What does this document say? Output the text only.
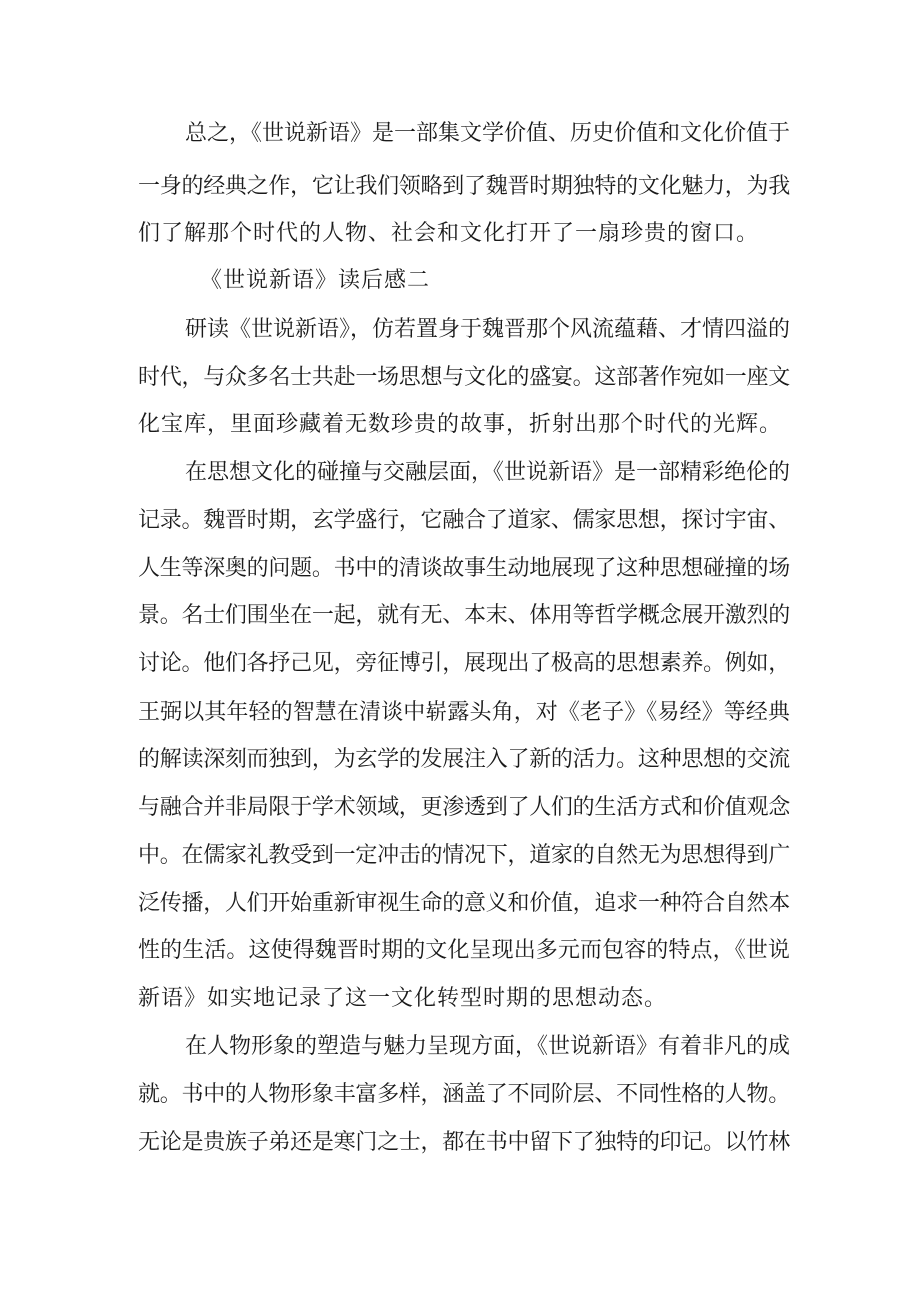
总之，《世说新语》是一部集文学价值、历史价值和文化价值于

一身的经典之作，它让我们领略到了魏晋时期独特的文化魅力，为我

们了解那个时代的人物、社会和文化打开了一扇珍贵的窗口。

《世说新语》读后感二

研读《世说新语》，仿若置身于魏晋那个风流蕴藉、才情四溢的

时代，与众多名士共赴一场思想与文化的盛宴。这部著作宛如一座文

化宝库，里面珍藏着无数珍贵的故事，折射出那个时代的光辉。

在思想文化的碰撞与交融层面，《世说新语》是一部精彩绝伦的

记录。魏晋时期，玄学盛行，它融合了道家、儒家思想，探讨宇宙、

人生等深奥的问题。书中的清谈故事生动地展现了这种思想碰撞的场

景。名士们围坐在一起，就有无、本末、体用等哲学概念展开激烈的

讨论。他们各抒己见，旁征博引，展现出了极高的思想素养。例如，

王弼以其年轻的智慧在清谈中崭露头角，对《老子》《易经》等经典

的解读深刻而独到，为玄学的发展注入了新的活力。这种思想的交流

与融合并非局限于学术领域，更渗透到了人们的生活方式和价值观念

中。在儒家礼教受到一定冲击的情况下，道家的自然无为思想得到广

泛传播，人们开始重新审视生命的意义和价值，追求一种符合自然本

性的生活。这使得魏晋时期的文化呈现出多元而包容的特点，《世说

新语》如实地记录了这一文化转型时期的思想动态。

在人物形象的塑造与魅力呈现方面，《世说新语》有着非凡的成

就。书中的人物形象丰富多样，涵盖了不同阶层、不同性格的人物。

无论是贵族子弟还是寒门之士，都在书中留下了独特的印记。以竹林
